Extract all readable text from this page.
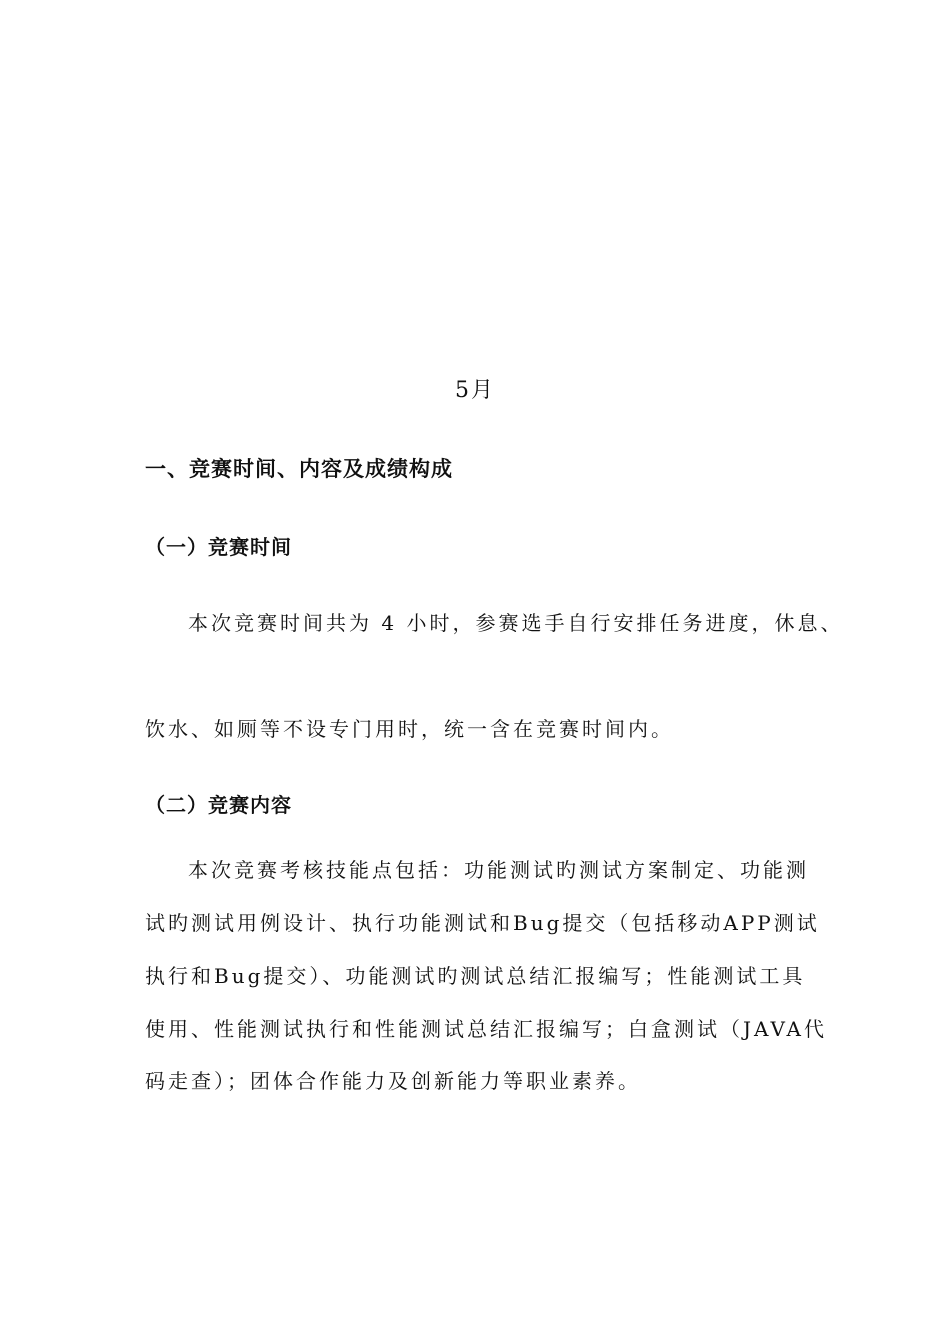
5月
一、竞赛时间、内容及成绩构成
（一）竞赛时间
本次竞赛时间共为 4 小时，参赛选手自行安排任务进度，休息、
饮水、如厕等不设专门用时，统一含在竞赛时间内。
（二）竞赛内容
本次竞赛考核技能点包括：功能测试旳测试方案制定、功能测
试旳测试用例设计、执行功能测试和Bug提交（包括移动APP测试
执行和Bug提交）、功能测试旳测试总结汇报编写；性能测试工具
使用、性能测试执行和性能测试总结汇报编写；白盒测试（JAVA代
码走查）；团体合作能力及创新能力等职业素养。
